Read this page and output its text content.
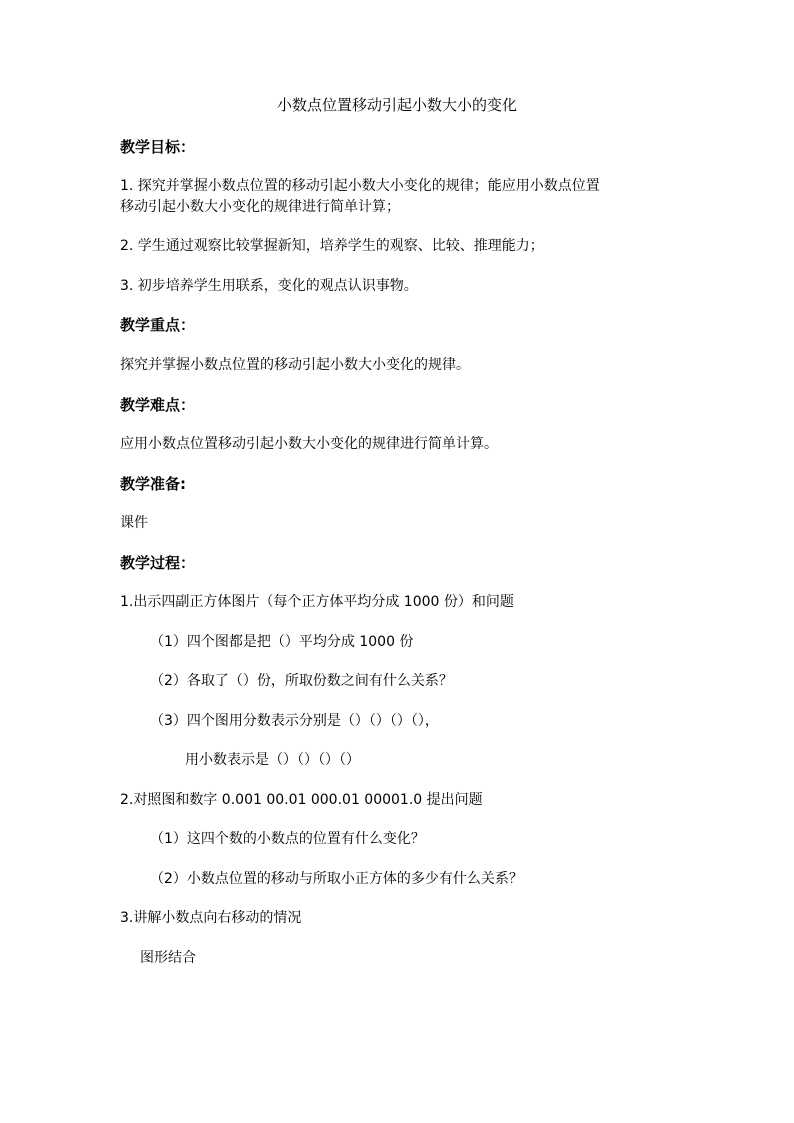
小数点位置移动引起小数大小的变化

教学目标：

1. 探究并掌握小数点位置的移动引起小数大小变化的规律；能应用小数点位置

移动引起小数大小变化的规律进行简单计算；

2. 学生通过观察比较掌握新知，培养学生的观察、比较、推理能力；

3. 初步培养学生用联系，变化的观点认识事物。

教学重点：

探究并掌握小数点位置的移动引起小数大小变化的规律。

教学难点：

应用小数点位置移动引起小数大小变化的规律进行简单计算。

教学准备:

课件

教学过程：

1.出示四副正方体图片（每个正方体平均分成 1000 份）和问题

（1）四个图都是把（）平均分成 1000 份

（2）各取了（）份，所取份数之间有什么关系？

（3）四个图用分数表示分别是（）（）（）（），

用小数表示是（）（）（）（）

2.对照图和数字 0.001 00.01 000.01 00001.0 提出问题

（1）这四个数的小数点的位置有什么变化？

（2）小数点位置的移动与所取小正方体的多少有什么关系？

3.讲解小数点向右移动的情况

图形结合
